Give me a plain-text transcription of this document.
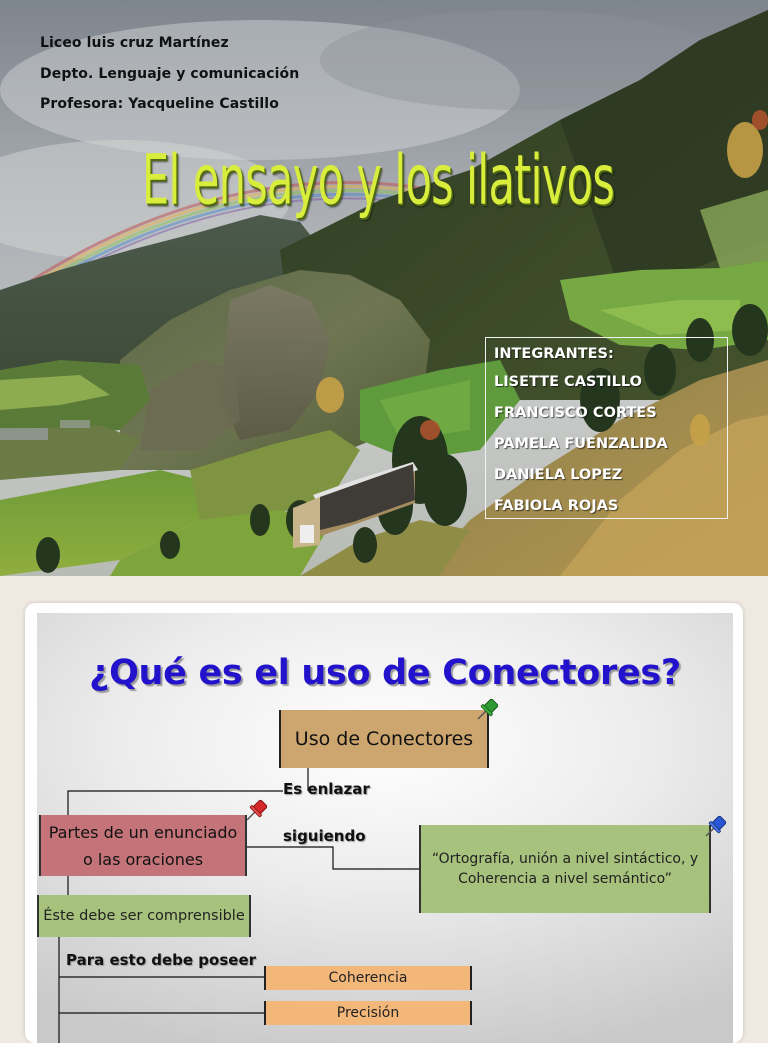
Liceo luis cruz Martínez
Depto. Lenguaje y comunicación
Profesora: Yacqueline Castillo
El ensayo y los ilativos
INTEGRANTES:
LISETTE CASTILLO
FRANCISCO CORTES
PAMELA FUENZALIDA
DANIELA LOPEZ
FABIOLA ROJAS
¿Qué es el uso de Conectores?
Uso de Conectores
Es enlazar
siguiendo
Partes de un enunciado
o las oraciones	“Ortografía, unión a nivel sintáctico, y Coherencia a nivel semántico”
Éste debe ser comprensible
Para esto debe poseer
Coherencia
Precisión
